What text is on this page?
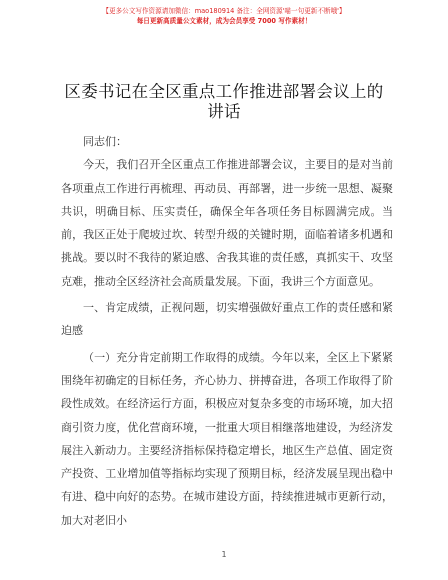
【更多公文写作资源请加微信：mao180914 备注：全网资源'喵一句更新不断哦'】
每日更新高质量公文素材，成为会员享受 7000 写作素材！
区委书记在全区重点工作推进部署会议上的讲话

同志们：

今天，我们召开全区重点工作推进部署会议，主要目的是对当前各项重点工作进行再梳理、再动员、再部署，进一步统一思想、凝聚共识，明确目标、压实责任，确保全年各项任务目标圆满完成。当前，我区正处于爬坡过坎、转型升级的关键时期，面临着诸多机遇和挑战。要以时不我待的紧迫感、舍我其谁的责任感，真抓实干、攻坚克难，推动全区经济社会高质量发展。下面，我讲三个方面意见。

一、肯定成绩，正视问题，切实增强做好重点工作的责任感和紧迫感

（一）充分肯定前期工作取得的成绩。今年以来，全区上下紧紧围绕年初确定的目标任务，齐心协力、拼搏奋进，各项工作取得了阶段性成效。在经济运行方面，积极应对复杂多变的市场环境，加大招商引资力度，优化营商环境，一批重大项目相继落地建设，为经济发展注入新动力。主要经济指标保持稳定增长，地区生产总值、固定资产投资、工业增加值等指标均实现了预期目标，经济发展呈现出稳中有进、稳中向好的态势。在城市建设方面，持续推进城市更新行动，加大对老旧小

1
